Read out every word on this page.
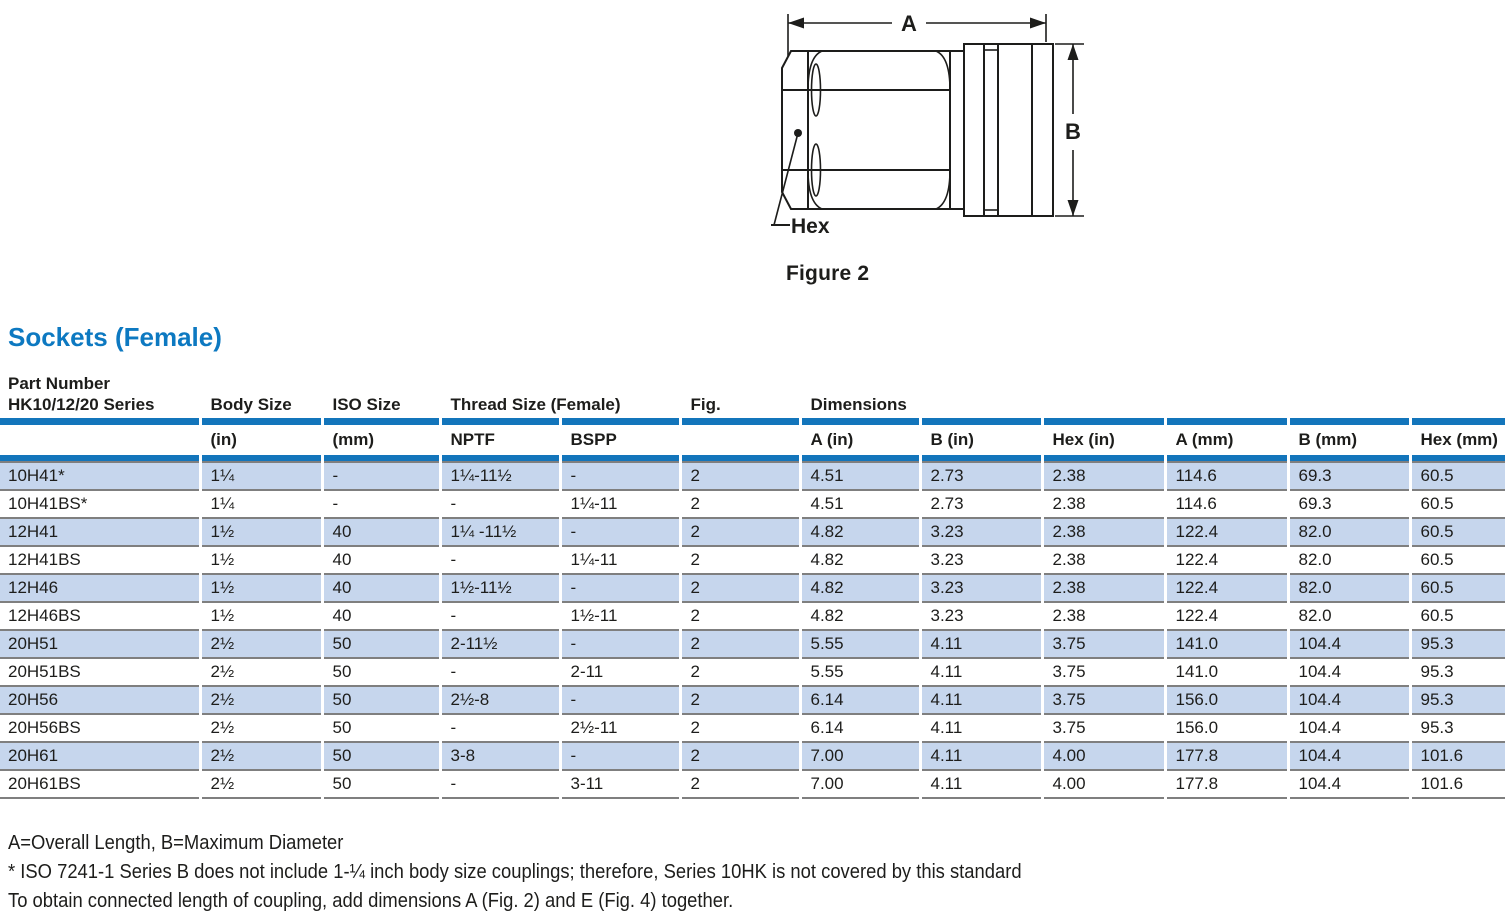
A
B
Hex
Figure 2
Sockets (Female)
Part Number
HK10/12/20 Series	Body Size	ISO Size	Thread Size (Female)		Fig.	Dimensions					

	(in)	(mm)	NPTF	BSPP		A (in)	B (in)	Hex (in)	A (mm)	B (mm)	Hex (mm)

10H41*	1¼	-	1¼-11½	-	2	4.51	2.73	2.38	114.6	69.3	60.5
10H41BS*	1¼	-	-	1¼-11	2	4.51	2.73	2.38	114.6	69.3	60.5
12H41	1½	40	1¼ -11½	-	2	4.82	3.23	2.38	122.4	82.0	60.5
12H41BS	1½	40	-	1¼-11	2	4.82	3.23	2.38	122.4	82.0	60.5
12H46	1½	40	1½-11½	-	2	4.82	3.23	2.38	122.4	82.0	60.5
12H46BS	1½	40	-	1½-11	2	4.82	3.23	2.38	122.4	82.0	60.5
20H51	2½	50	2-11½	-	2	5.55	4.11	3.75	141.0	104.4	95.3
20H51BS	2½	50	-	2-11	2	5.55	4.11	3.75	141.0	104.4	95.3
20H56	2½	50	2½-8	-	2	6.14	4.11	3.75	156.0	104.4	95.3
20H56BS	2½	50	-	2½-11	2	6.14	4.11	3.75	156.0	104.4	95.3
20H61	2½	50	3-8	-	2	7.00	4.11	4.00	177.8	104.4	101.6
20H61BS	2½	50	-	3-11	2	7.00	4.11	4.00	177.8	104.4	101.6
A=Overall Length, B=Maximum Diameter
* ISO 7241-1 Series B does not include 1-¼ inch body size couplings; therefore, Series 10HK is not covered by this standard
To obtain connected length of coupling, add dimensions A (Fig. 2) and E (Fig. 4) together.
